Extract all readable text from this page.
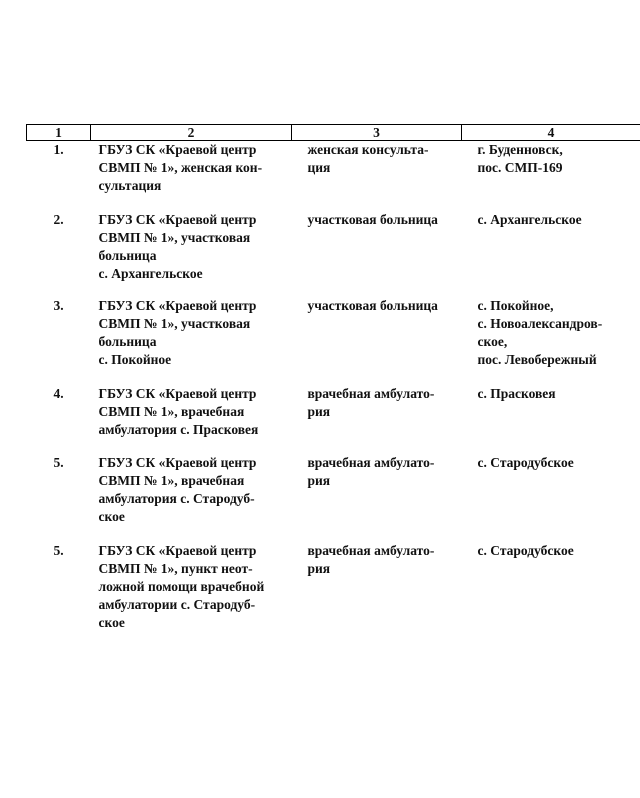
1	2	3	4
1.	ГБУЗ СК «Краевой центр
СВМП № 1», женская кон-
сультация	женская консульта-
ция	г. Буденновск,
пос. СМП-169

2.	ГБУЗ СК «Краевой центр
СВМП № 1», участковая
больница
с. Архангельское	участковая больница	с. Архангельское

3.	ГБУЗ СК «Краевой центр
СВМП № 1», участковая
больница
с. Покойное	участковая больница	с. Покойное,
с. Новоалександров-
ское,
пос. Левобережный

4.	ГБУЗ СК «Краевой центр
СВМП № 1», врачебная
амбулатория с. Прасковея	врачебная амбулато-
рия	с. Прасковея

5.	ГБУЗ СК «Краевой центр
СВМП № 1», врачебная
амбулатория с. Стародуб-
ское	врачебная амбулато-
рия	с. Стародубское

5.	ГБУЗ СК «Краевой центр
СВМП № 1», пункт неот-
ложной помощи врачебной
амбулатории с. Стародуб-
ское	врачебная амбулато-
рия	с. Стародубское
